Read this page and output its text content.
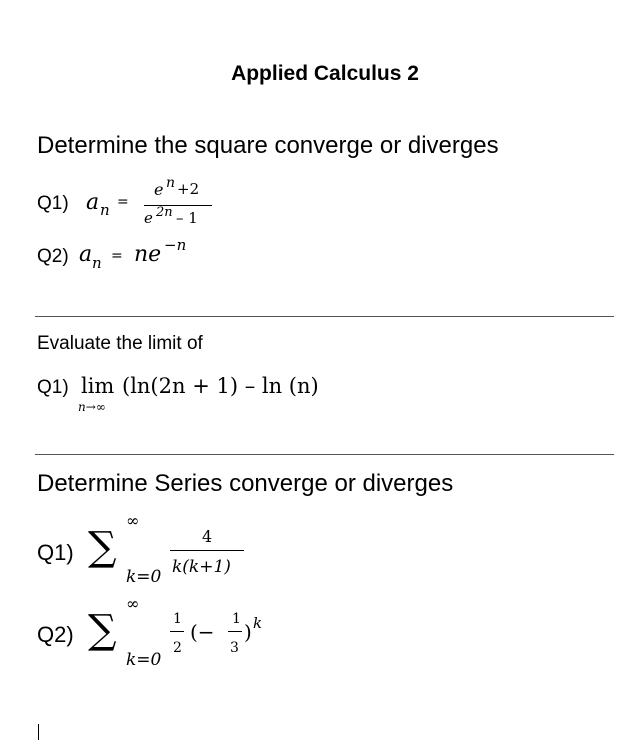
Applied Calculus 2
Determine the square converge or diverges
Q1) a n =
e n +2
e 2n – 1
Q2) a n = ne −n
Evaluate the limit of
Q1) lim
n→∞
(ln(2n + 1) – ln (n)
Determine Series converge or diverges
Q1) ∑
∞
k=0
4
k(k+1)
Q2) ∑
∞
k=0
1
2
(−
1
3
) k
